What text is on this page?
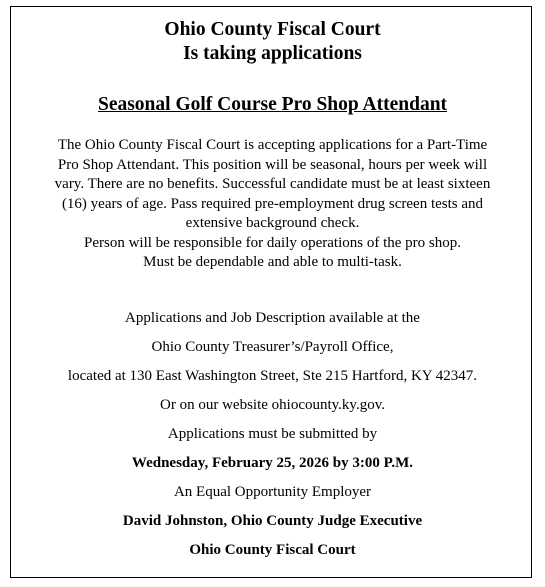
Ohio County Fiscal Court
Is taking applications
Seasonal Golf Course Pro Shop Attendant
The Ohio County Fiscal Court is accepting applications for a Part-Time
Pro Shop Attendant. This position will be seasonal, hours per week will
vary. There are no benefits. Successful candidate must be at least sixteen
(16) years of age. Pass required pre-employment drug screen tests and
extensive background check.
Person will be responsible for daily operations of the pro shop.
Must be dependable and able to multi-task.
Applications and Job Description available at the
Ohio County Treasurer’s/Payroll Office,
located at 130 East Washington Street, Ste 215 Hartford, KY 42347.
Or on our website ohiocounty.ky.gov.
Applications must be submitted by
Wednesday, February 25, 2026 by 3:00 P.M.
An Equal Opportunity Employer
David Johnston, Ohio County Judge Executive
Ohio County Fiscal Court
